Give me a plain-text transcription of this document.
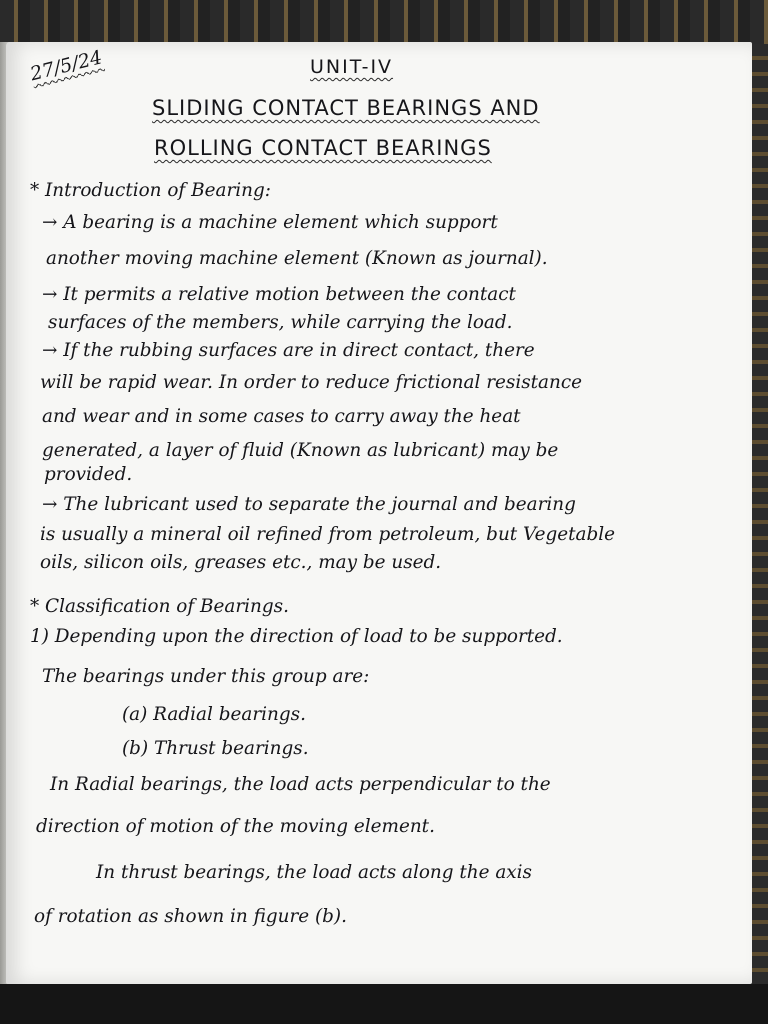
27/5/24	UNIT-IV
SLIDING CONTACT BEARINGS AND
ROLLING CONTACT BEARINGS
* Introduction of Bearing:
→ A bearing is a machine element which support
another moving machine element (Known as journal).
→ It permits a relative motion between the contact
surfaces of the members, while carrying the load.
→ If the rubbing surfaces are in direct contact, there
will be rapid wear. In order to reduce frictional resistance
and wear and in some cases to carry away the heat
generated, a layer of fluid (Known as lubricant) may be
provided.
→ The lubricant used to separate the journal and bearing
is usually a mineral oil refined from petroleum, but Vegetable
oils, silicon oils, greases etc., may be used.
* Classification of Bearings.
1) Depending upon the direction of load to be supported.
The bearings under this group are:
(a) Radial bearings.
(b) Thrust bearings.
In Radial bearings, the load acts perpendicular to the
direction of motion of the moving element.
In thrust bearings, the load acts along the axis
of rotation as shown in figure (b).
